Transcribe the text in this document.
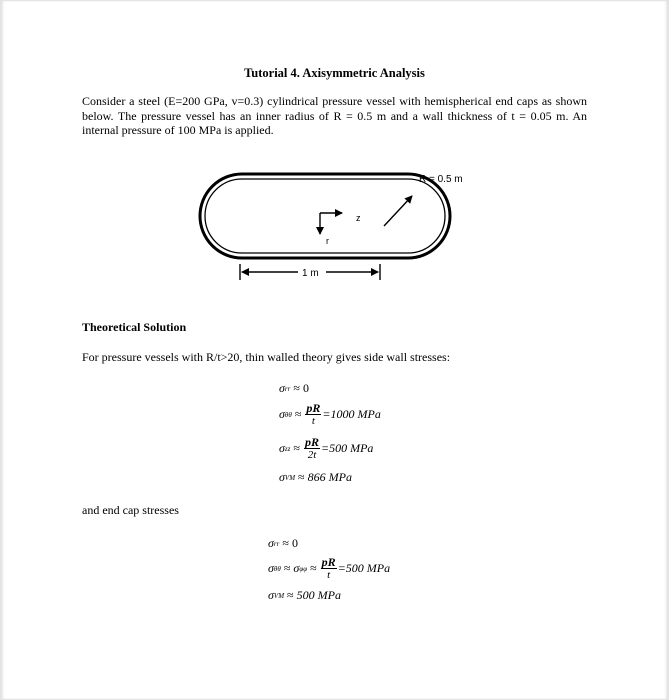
Tutorial 4. Axisymmetric Analysis
Consider a steel (E=200 GPa, v=0.3) cylindrical pressure vessel with hemispherical end caps as shown below. The pressure vessel has an inner radius of R = 0.5 m and a wall thickness of t = 0.05 m. An internal pressure of 100 MPa is applied.
z
r
R = 0.5 m
1 m
Theoretical Solution
For pressure vessels with R/t>20, thin walled theory gives side wall stresses:
σ rr ≈ 0
σ $\theta\theta \approx \frac{pR}{t} =1000$ MPa
σ zz ≈ $\frac{pR}{2t} =500$ MPa
σ VM ≈ 866 MPa
and end cap stresses
σ rr ≈ 0
σ θθ ≈ σ $\varphi\varphi \approx \frac{pR}{t} =500$ MPa
σ VM ≈ 500 MPa
